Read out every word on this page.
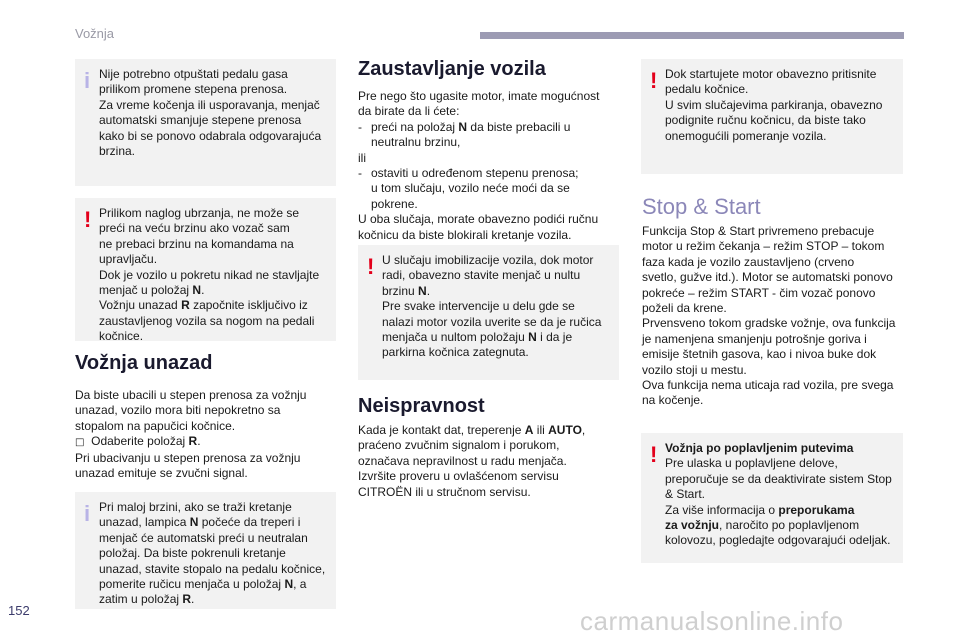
Vožnja
i Nije potrebno otpuštati pedalu gasa
prilikom promene stepena prenosa.
Za vreme kočenja ili usporavanja, menjač
automatski smanjuje stepene prenosa
kako bi se ponovo odabrala odgovarajuća
brzina.

! Prilikom naglog ubrzanja, ne može se
preći na veću brzinu ako vozač sam
ne prebaci brzinu na komandama na
upravljaču.
Dok je vozilo u pokretu nikad ne stavljajte
menjač u položaj N.
Vožnju unazad R započnite isključivo iz
zaustavljenog vozila sa nogom na pedali
kočnice.

Vožnja unazad

Da biste ubacili u stepen prenosa za vožnju
unazad, vozilo mora biti nepokretno sa
stopalom na papučici kočnice.
□ Odaberite položaj R.
Pri ubacivanju u stepen prenosa za vožnju
unazad emituje se zvučni signal.

i Pri maloj brzini, ako se traži kretanje
unazad, lampica N počeće da treperi i
menjač će automatski preći u neutralan
položaj. Da biste pokrenuli kretanje
unazad, stavite stopalo na pedalu kočnice,
pomerite ručicu menjača u položaj N, a
zatim u položaj R.

Zaustavljanje vozila

Pre nego što ugasite motor, imate mogućnost
da birate da li ćete:

- preći na položaj N da biste prebacili u
neutralnu brzinu,

ili

- ostaviti u određenom stepenu prenosa;
u tom slučaju, vozilo neće moći da se
pokrene.

U oba slučaja, morate obavezno podići ručnu
kočnicu da biste blokirali kretanje vozila.

! U slučaju imobilizacije vozila, dok motor
radi, obavezno stavite menjač u nultu
brzinu N.
Pre svake intervencije u delu gde se
nalazi motor vozila uverite se da je ručica
menjača u nultom položaju N i da je
parkirna kočnica zategnuta.

Neispravnost

Kada je kontakt dat, treperenje A ili AUTO,
praćeno zvučnim signalom i porukom,
označava nepravilnost u radu menjača.
Izvršite proveru u ovlašćenom servisu
CITROËN ili u stručnom servisu.

! Dok startujete motor obavezno pritisnite
pedalu kočnice.
U svim slučajevima parkiranja, obavezno
podignite ručnu kočnicu, da biste tako
onemogućili pomeranje vozila.

Stop & Start

Funkcija Stop & Start privremeno prebacuje
motor u režim čekanja – režim STOP – tokom
faza kada je vozilo zaustavljeno (crveno
svetlo, gužve itd.). Motor se automatski ponovo
pokreće – režim START - čim vozač ponovo
poželi da krene.
Prvensveno tokom gradske vožnje, ova funkcija
je namenjena smanjenju potrošnje goriva i
emisije štetnih gasova, kao i nivoa buke dok
vozilo stoji u mestu.
Ova funkcija nema uticaja rad vozila, pre svega
na kočenje.

! Vožnja po poplavljenim putevima
Pre ulaska u poplavljene delove,
preporučuje se da deaktivirate sistem Stop
& Start.
Za više informacija o preporukama
za vožnju, naročito po poplavljenom
kolovozu, pogledajte odgovarajući odeljak.

152	carmanualsonline.info
